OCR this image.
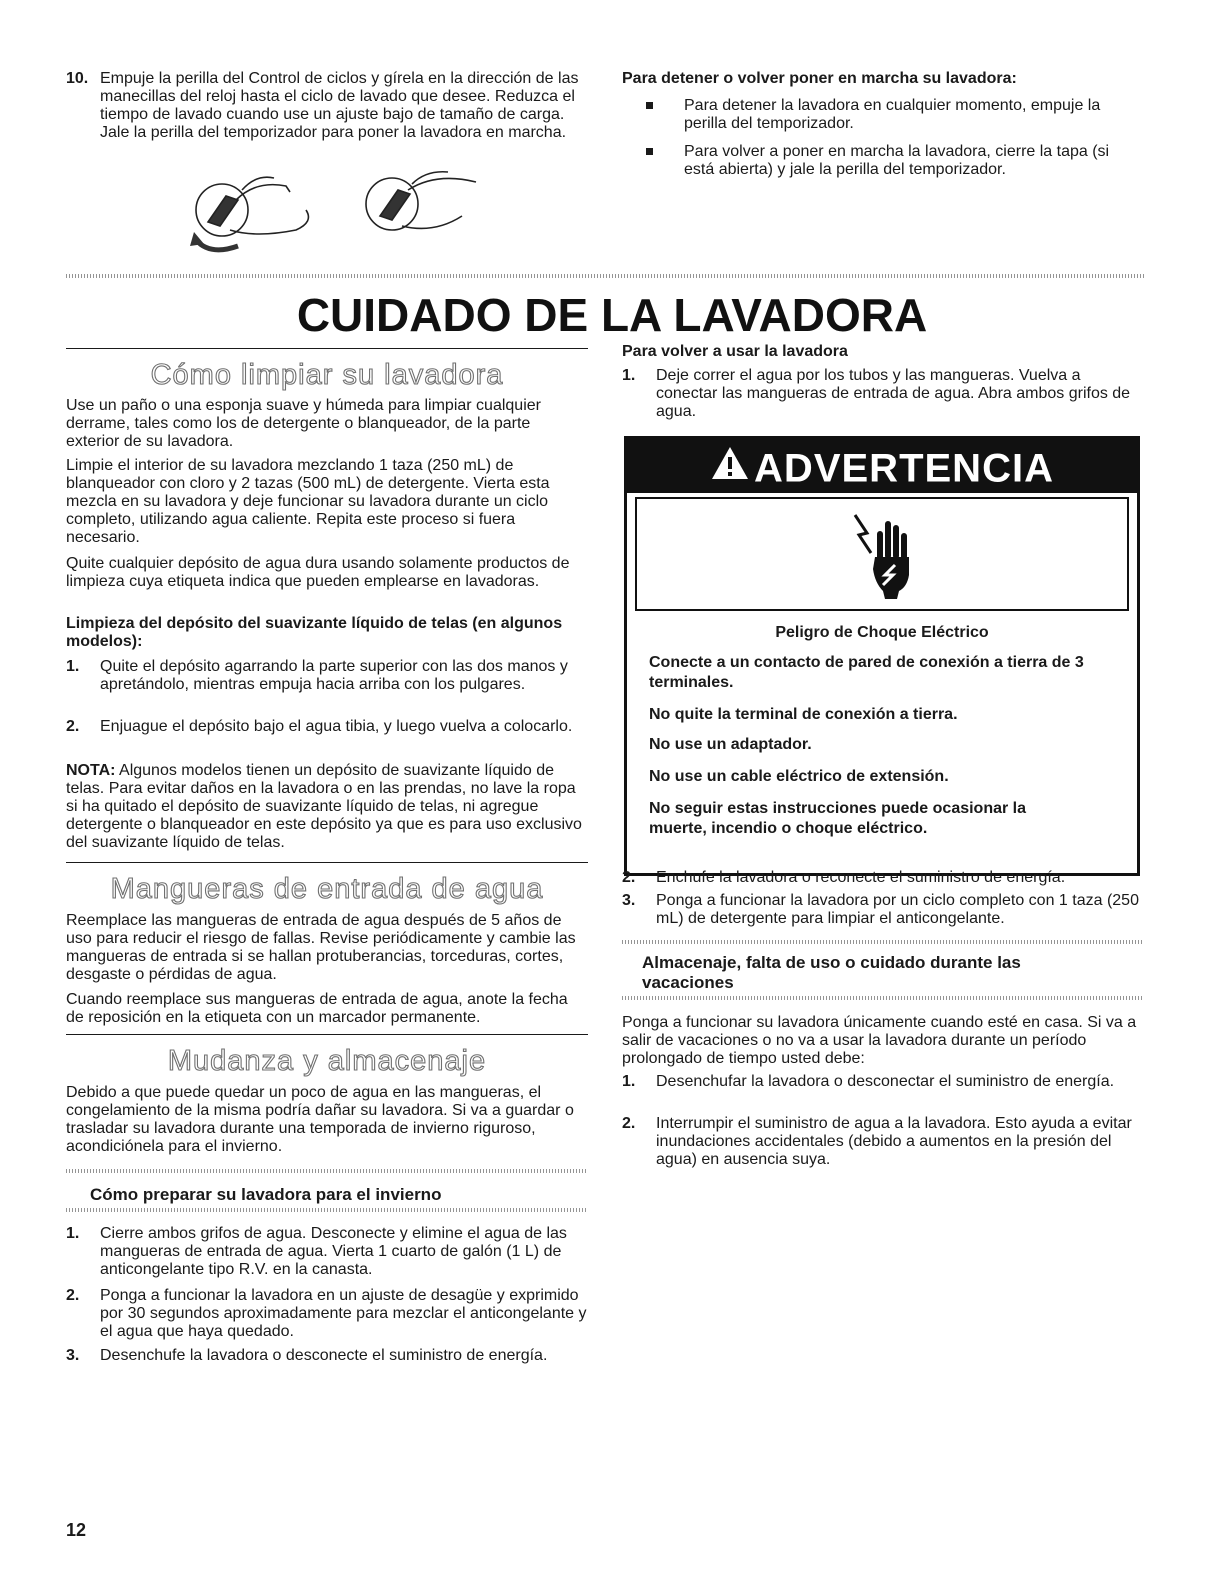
10. Empuje la perilla del Control de ciclos y gírela en la dirección de las manecillas del reloj hasta el ciclo de lavado que desee. Reduzca el tiempo de lavado cuando use un ajuste bajo de tamaño de carga. Jale la perilla del temporizador para poner la lavadora en marcha.
Para detener o volver poner en marcha su lavadora:
Para detener la lavadora en cualquier momento, empuje la perilla del temporizador.
Para volver a poner en marcha la lavadora, cierre la tapa (si está abierta) y jale la perilla del temporizador.
CUIDADO DE LA LAVADORA
Cómo limpiar su lavadora

Use un paño o una esponja suave y húmeda para limpiar cualquier derrame, tales como los de detergente o blanqueador, de la parte exterior de su lavadora.

Limpie el interior de su lavadora mezclando 1 taza (250 mL) de blanqueador con cloro y 2 tazas (500 mL) de detergente. Vierta esta mezcla en su lavadora y deje funcionar su lavadora durante un ciclo completo, utilizando agua caliente. Repita este proceso si fuera necesario.

Quite cualquier depósito de agua dura usando solamente productos de limpieza cuya etiqueta indica que pueden emplearse en lavadoras.

Limpieza del depósito del suavizante líquido de telas (en algunos modelos):

1. Quite el depósito agarrando la parte superior con las dos manos y apretándolo, mientras empuja hacia arriba con los pulgares.
2. Enjuague el depósito bajo el agua tibia, y luego vuelva a colocarlo.

NOTA: Algunos modelos tienen un depósito de suavizante líquido de telas. Para evitar daños en la lavadora o en las prendas, no lave la ropa si ha quitado el depósito de suavizante líquido de telas, ni agregue detergente o blanqueador en este depósito ya que es para uso exclusivo del suavizante líquido de telas.

Mangueras de entrada de agua

Reemplace las mangueras de entrada de agua después de 5 años de uso para reducir el riesgo de fallas. Revise periódicamente y cambie las mangueras de entrada si se hallan protuberancias, torceduras, cortes, desgaste o pérdidas de agua.

Cuando reemplace sus mangueras de entrada de agua, anote la fecha de reposición en la etiqueta con un marcador permanente.

Mudanza y almacenaje

Debido a que puede quedar un poco de agua en las mangueras, el congelamiento de la misma podría dañar su lavadora. Si va a guardar o trasladar su lavadora durante una temporada de invierno riguroso, acondiciónela para el invierno.

Cómo preparar su lavadora para el invierno
1. Cierre ambos grifos de agua. Desconecte y elimine el agua de las mangueras de entrada de agua. Vierta 1 cuarto de galón (1 L) de anticongelante tipo R.V. en la canasta.
2. Ponga a funcionar la lavadora en un ajuste de desagüe y exprimido por 30 segundos aproximadamente para mezclar el anticongelante y el agua que haya quedado.
3. Desenchufe la lavadora o desconecte el suministro de energía.
Para volver a usar la lavadora
1. Deje correr el agua por los tubos y las mangueras. Vuelva a conectar las mangueras de entrada de agua. Abra ambos grifos de agua.
ADVERTENCIA
Peligro de Choque Eléctrico
Conecte a un contacto de pared de conexión a tierra de 3 terminales.
No quite la terminal de conexión a tierra.
No use un adaptador.
No use un cable eléctrico de extensión.
No seguir estas instrucciones puede ocasionar la muerte, incendio o choque eléctrico.
2. Enchufe la lavadora o reconecte el suministro de energía.
3. Ponga a funcionar la lavadora por un ciclo completo con 1 taza (250 mL) de detergente para limpiar el anticongelante.
Almacenaje, falta de uso o cuidado durante las vacaciones

Ponga a funcionar su lavadora únicamente cuando esté en casa. Si va a salir de vacaciones o no va a usar la lavadora durante un período prolongado de tiempo usted debe:

1. Desenchufar la lavadora o desconectar el suministro de energía.
2. Interrumpir el suministro de agua a la lavadora. Esto ayuda a evitar inundaciones accidentales (debido a aumentos en la presión del agua) en ausencia suya.
12
